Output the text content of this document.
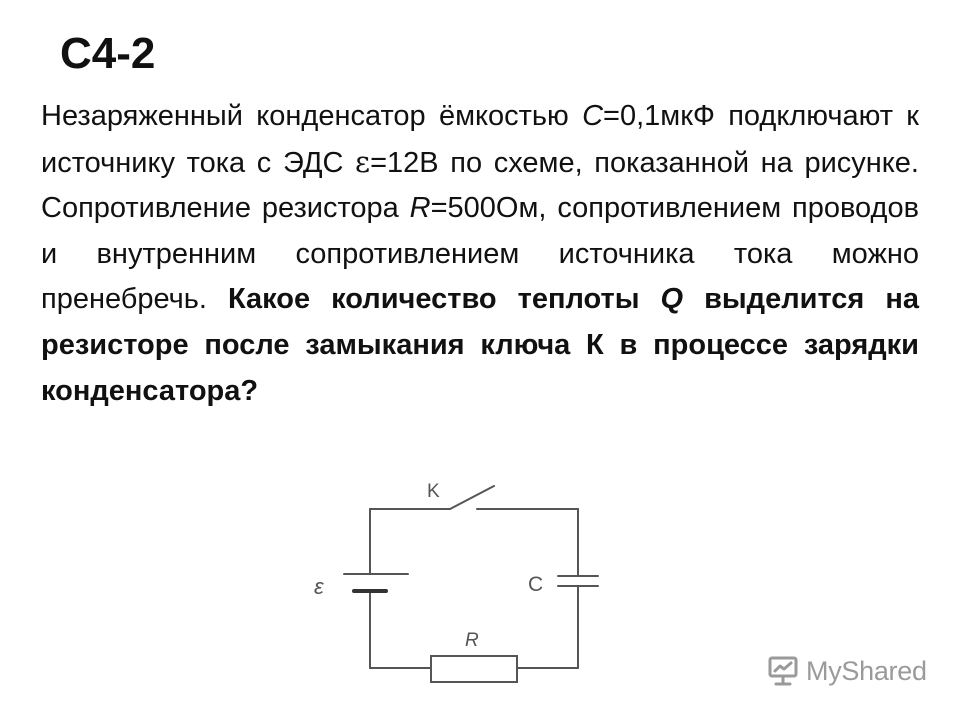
С4-2

Незаряженный конденсатор ёмкостью С=0,1мкФ подключают к источнику тока с ЭДС ε=12В по схеме, показанной на рисунке. Сопротивление резистора R=500Ом, сопротивлением проводов и внутренним сопротивлением источника тока можно пренебречь. Какое количество теплоты Q выделится на резисторе после замыкания ключа К в процессе зарядки конденсатора?

K
ε	C
R
MyShared
